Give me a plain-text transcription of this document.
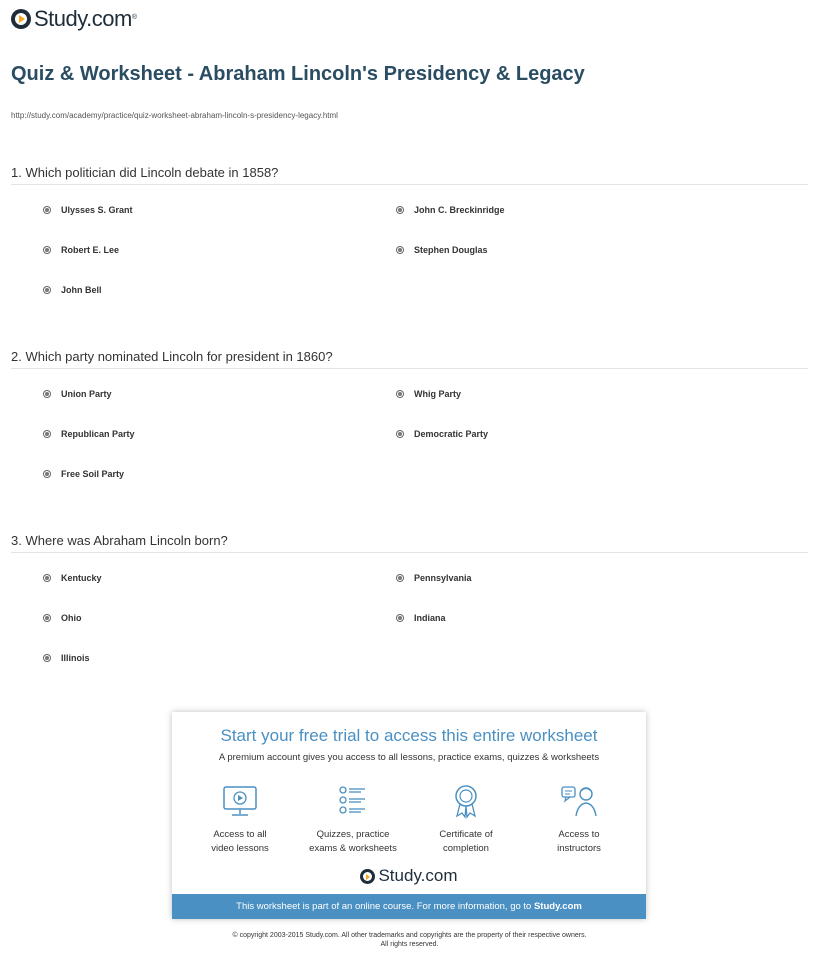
Study.com ®
Quiz & Worksheet - Abraham Lincoln's Presidency & Legacy
http://study.com/academy/practice/quiz-worksheet-abraham-lincoln-s-presidency-legacy.html
1. Which politician did Lincoln debate in 1858?
Ulysses S. Grant	John C. Breckinridge
Robert E. Lee	Stephen Douglas
John Bell
2. Which party nominated Lincoln for president in 1860?
Union Party	Whig Party
Republican Party	Democratic Party
Free Soil Party
3. Where was Abraham Lincoln born?
Kentucky	Pennsylvania
Ohio	Indiana
Illinois
Start your free trial to access this entire worksheet
A premium account gives you access to all lessons, practice exams, quizzes & worksheets
Access to all
video lessons
Quizzes, practice
exams & worksheets
Certificate of
completion
Access to
instructors
Study.com
This worksheet is part of an online course. For more information, go to Study.com
© copyright 2003-2015 Study.com. All other trademarks and copyrights are the property of their respective owners.
All rights reserved.
